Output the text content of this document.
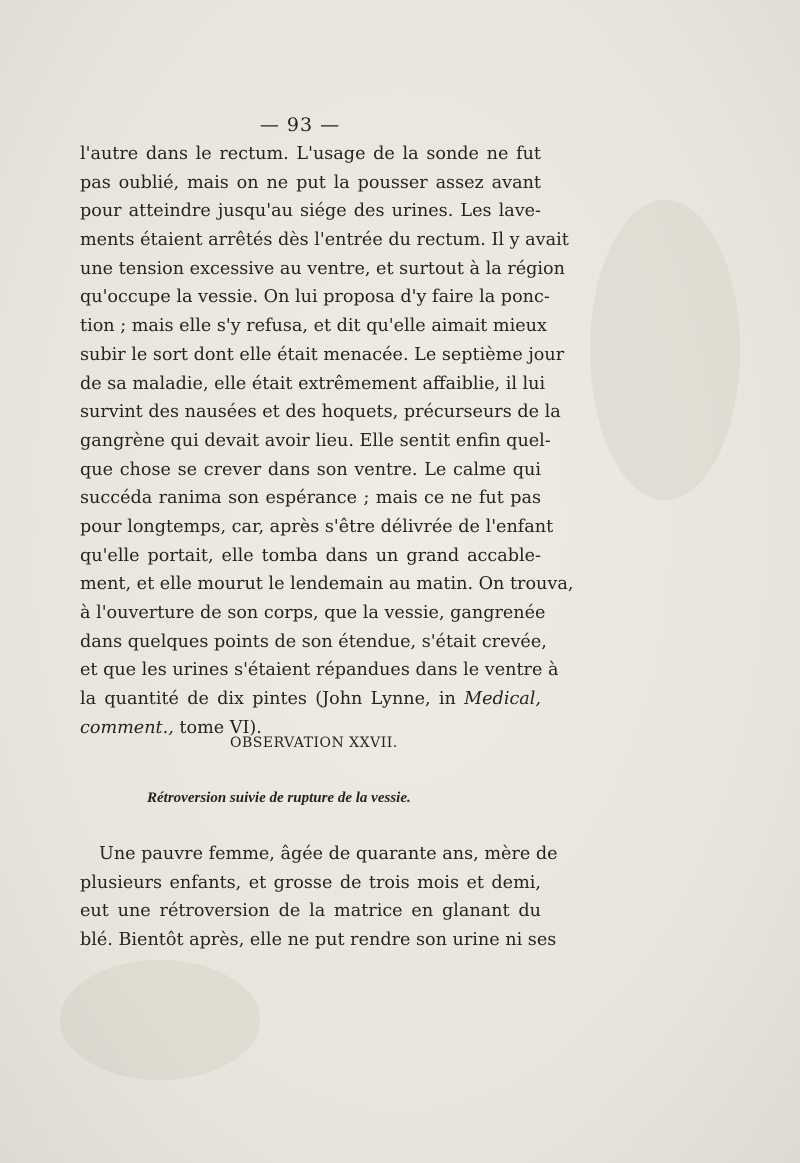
— 93 —
l'autre dans le rectum. L'usage de la sonde ne fut
pas oublié, mais on ne put la pousser assez avant
pour atteindre jusqu'au siége des urines. Les lave-
ments étaient arrêtés dès l'entrée du rectum. Il y avait
une tension excessive au ventre, et surtout à la région
qu'occupe la vessie. On lui proposa d'y faire la ponc-
tion ; mais elle s'y refusa, et dit qu'elle aimait mieux
subir le sort dont elle était menacée. Le septième jour
de sa maladie, elle était extrêmement affaiblie, il lui
survint des nausées et des hoquets, précurseurs de la
gangrène qui devait avoir lieu. Elle sentit enfin quel-
que chose se crever dans son ventre. Le calme qui
succéda ranima son espérance ; mais ce ne fut pas
pour longtemps, car, après s'être délivrée de l'enfant
qu'elle portait, elle tomba dans un grand accable-
ment, et elle mourut le lendemain au matin. On trouva,
à l'ouverture de son corps, que la vessie, gangrenée
dans quelques points de son étendue, s'était crevée,
et que les urines s'étaient répandues dans le ventre à
la quantité de dix pintes (John Lynne, in Medical,
comment., tome VI).
OBSERVATION XXVII.
Rétroversion suivie de rupture de la vessie.
Une pauvre femme, âgée de quarante ans, mère de
plusieurs enfants, et grosse de trois mois et demi,
eut une rétroversion de la matrice en glanant du
blé. Bientôt après, elle ne put rendre son urine ni ses
